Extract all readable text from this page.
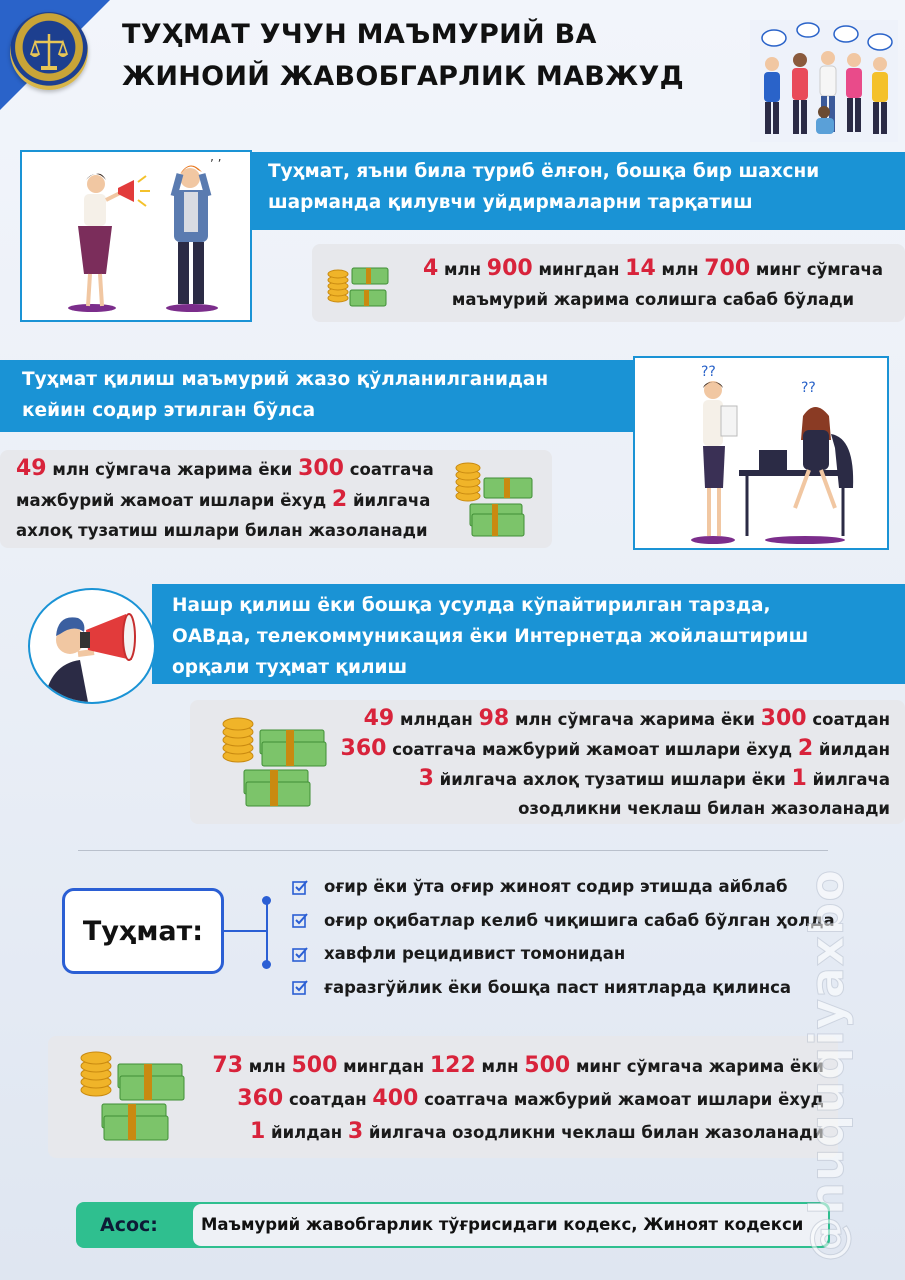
ТУҲМАТ УЧУН МАЪМУРИЙ ВА
ЖИНОИЙ ЖАВОБГАРЛИК МАВЖУД
’ ’	Туҳмат, яъни била туриб ёлғон, бошқа бир шахсни
шарманда қилувчи уйдирмаларни тарқатиш
4 млн 900 мингдан 14 млн 700 минг сўмгача
маъмурий жарима солишга сабаб бўлади
Туҳмат қилиш маъмурий жазо қўлланилганидан
кейин содир этилган бўлса
??
??
49 млн сўмгача жарима ёки 300 соатгача
мажбурий жамоат ишлари ёхуд 2 йилгача
ахлоқ тузатиш ишлари билан жазоланади
Нашр қилиш ёки бошқа усулда кўпайтирилган тарзда,
ОАВда, телекоммуникация ёки Интернетда жойлаштириш
орқали туҳмат қилиш
49 млндан 98 млн сўмгача жарима ёки 300 соатдан
360 соатгача мажбурий жамоат ишлари ёхуд 2 йилдан
3 йилгача ахлоқ тузатиш ишлари ёки 1 йилгача
озодликни чеклаш билан жазоланади
Туҳмат:
оғир ёки ўта оғир жиноят содир этишда айблаб
оғир оқибатлар келиб чиқишига сабаб бўлган ҳолда
хавфли рецидивист томонидан
ғаразгўйлик ёки бошқа паст ниятларда қилинса
73 млн 500 мингдан 122 млн 500 минг сўмгача жарима ёки
360 соатдан 400 соатгача мажбурий жамоат ишлари ёхуд
1 йилдан 3 йилгача озодликни чеклаш билан жазоланади
Асос:	Маъмурий жавобгарлик тўғрисидаги кодекс, Жиноят кодекси
@huquqiyaxbo
